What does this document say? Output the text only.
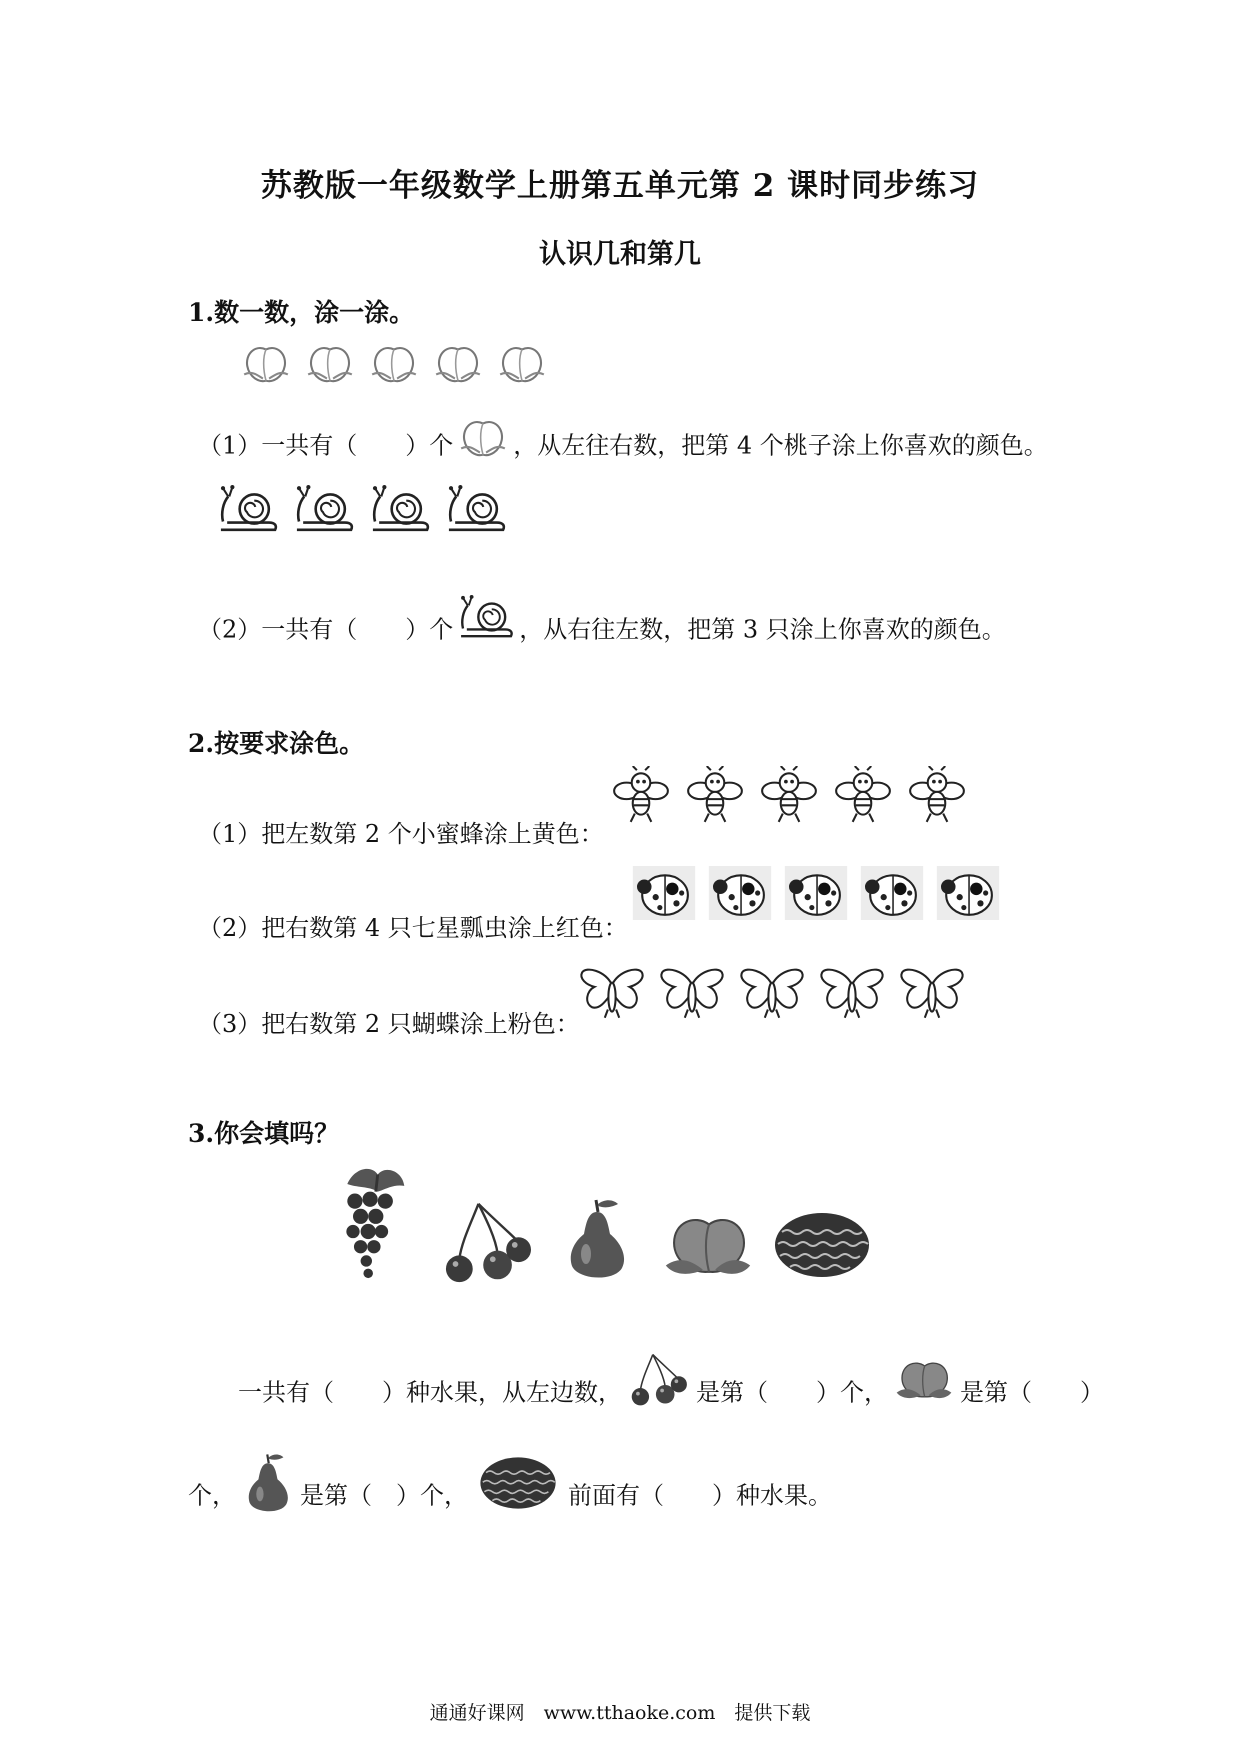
苏教版一年级数学上册第五单元第 2 课时同步练习
认识几和第几
1.数一数，涂一涂。
（1）一共有（　　）个	，从左往右数，把第 4 个桃子涂上你喜欢的颜色。
（2）一共有（　　）个	，从右往左数，把第 3 只涂上你喜欢的颜色。
2.按要求涂色。
（1）把左数第 2 个小蜜蜂涂上黄色：
（2）把右数第 4 只七星瓢虫涂上红色：
（3）把右数第 2 只蝴蝶涂上粉色：
3.你会填吗？
一共有（　　）种水果，从左边数，	是第（　　）个，	是第（　　）
个，	是第（　）个，	前面有（　　）种水果。
通通好课网　www.tthaoke.com　提供下载
